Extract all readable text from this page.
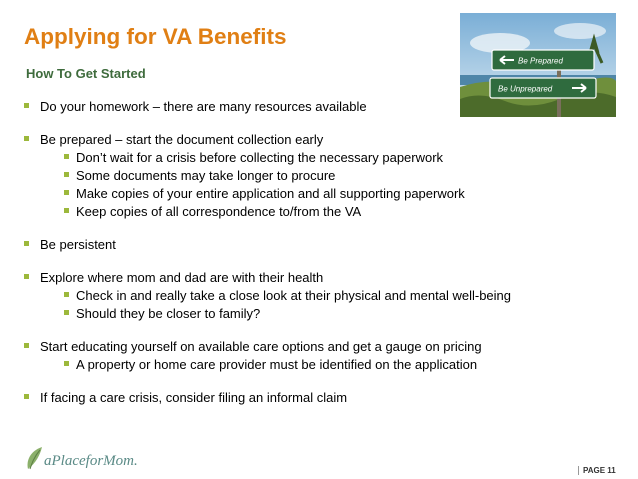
Applying for VA Benefits
How To Get Started
Be Prepared
Be Unprepared
Do your homework – there are many resources available
Be prepared – start the document collection early
Don’t wait for a crisis before collecting the necessary paperwork
Some documents may take longer to procure
Make copies of your entire application and all supporting paperwork
Keep copies of all correspondence to/from the VA
Be persistent
Explore where mom and dad are with their health
Check in and really take a close look at their physical and mental well-being
Should they be closer to family?
Start educating yourself on available care options and get a gauge on pricing
A property or home care provider must be identified on the application
If facing a care crisis, consider filing an informal claim
aPlaceforMom.
PAGE 11
